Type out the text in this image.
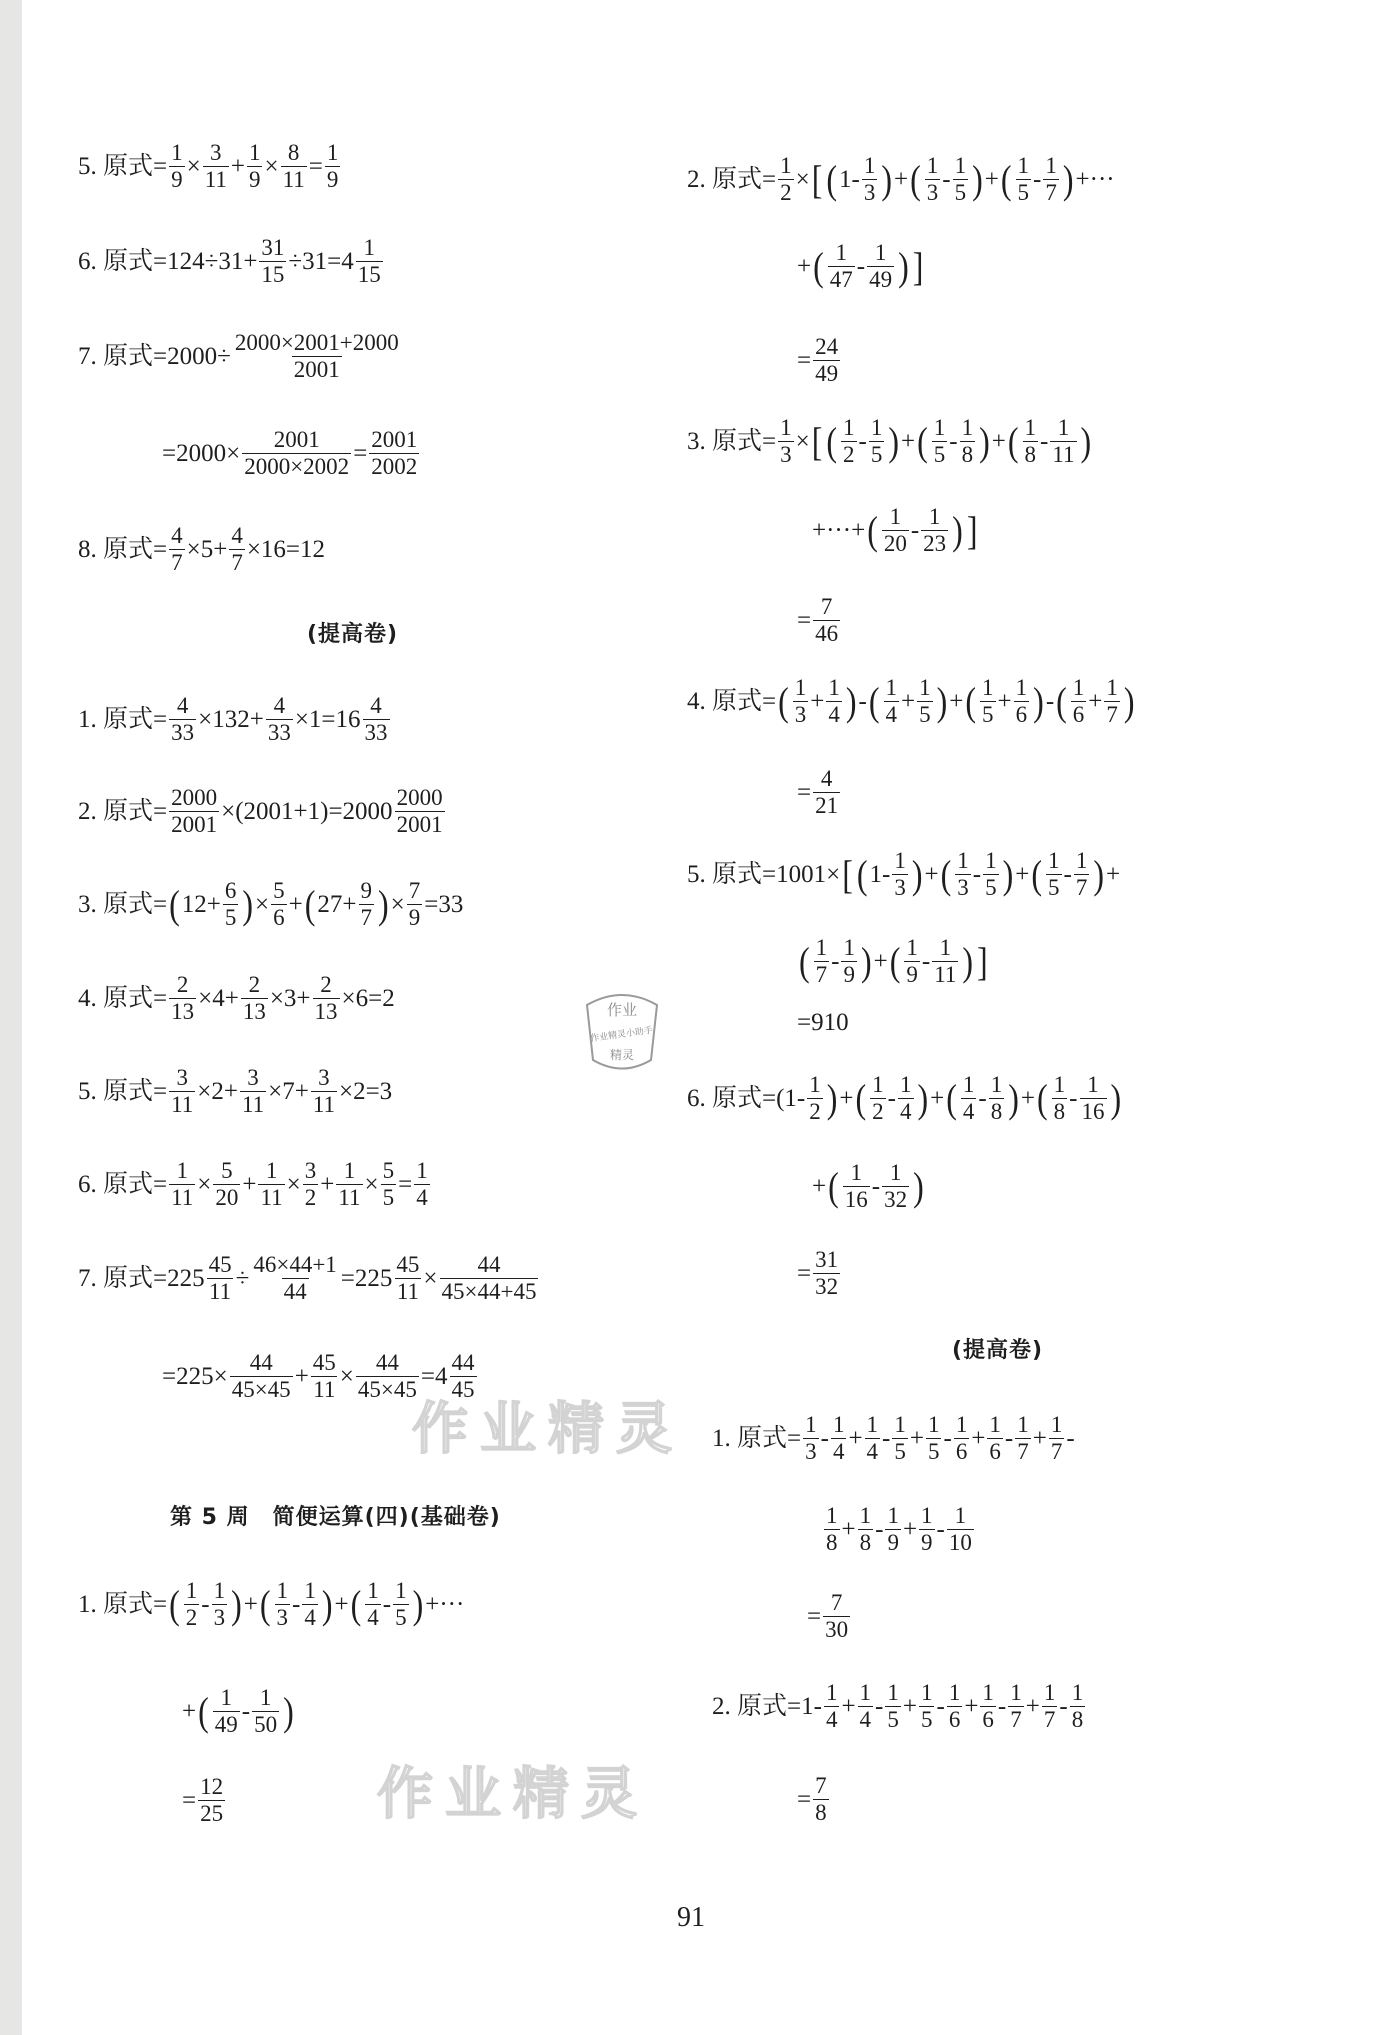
5. 原式= $\frac{1}{9} \times \frac{3}{11} + \frac{1}{9} \times \frac{8}{11} = \frac{1}{9}$
6. 原式$=124\div 31+ \frac{31}{15} \div 31=4 \frac{1}{15}$
7. 原式$=2000\div \frac{2000\times 2001+2000}{2001}$
$=2000\times \frac{2001}{2000\times 2002} = \frac{2001}{2002}$
8. 原式= $\frac{4}{7} \times 5+ \frac{4}{7} \times 16=12$
(提高卷)
1. 原式= $\frac{4}{33} \times 132+ \frac{4}{33} \times 1=16 \frac{4}{33}$
2. 原式= $\frac{2000}{2001} \times(2001+1)=2000 \frac{2000}{2001}$
3. 原式= ( $12+ \frac{6}{5}$ ) × $\frac{5}{6}$ + ( $27+ \frac{9}{7}$ ) × $\frac{7}{9} =33$
4. 原式= $\frac{2}{13} \times 4+ \frac{2}{13} \times 3+ \frac{2}{13} \times 6=2$
5. 原式= $\frac{3}{11} \times 2+ \frac{3}{11} \times 7+ \frac{3}{11} \times 2=3$
6. 原式= $\frac{1}{11} \times \frac{5}{20} + \frac{1}{11} \times \frac{3}{2} + \frac{1}{11} \times \frac{5}{5} = \frac{1}{4}$
7. 原式$=225 \frac{45}{11} \div \frac{46\times 44+1}{44} =225 \frac{45}{11} \times \frac{44}{45\times 44+45}$
$=225\times \frac{44}{45\times 45} + \frac{45}{11} \times \frac{44}{45\times 45} =4 \frac{44}{45}$
第 5 周　简便运算(四)(基础卷)
1. 原式= ( $\frac{1}{2} - \frac{1}{3}$ ) + ( $\frac{1}{3} - \frac{1}{4}$ ) + ( $\frac{1}{4} - \frac{1}{5}$ ) +···
+ ( $\frac{1}{49} - \frac{1}{50}$ )
= $\frac{12}{25}$
2. 原式= $\frac{1}{2}$ × [ ( $1- \frac{1}{3}$ ) + ( $\frac{1}{3} - \frac{1}{5}$ ) + ( $\frac{1}{5} - \frac{1}{7}$ ) +···
+ ( $\frac{1}{47} - \frac{1}{49}$ ) ]
= $\frac{24}{49}$
3. 原式= $\frac{1}{3}$ × [ ( $\frac{1}{2} - \frac{1}{5}$ ) + ( $\frac{1}{5} - \frac{1}{8}$ ) + ( $\frac{1}{8} - \frac{1}{11}$ )
+···+ ( $\frac{1}{20} - \frac{1}{23}$ ) ]
= $\frac{7}{46}$
4. 原式= ( $\frac{1}{3} + \frac{1}{4}$ ) - ( $\frac{1}{4} + \frac{1}{5}$ ) + ( $\frac{1}{5} + \frac{1}{6}$ ) - ( $\frac{1}{6} + \frac{1}{7}$ )
= $\frac{4}{21}$
5. 原式=1001× [ ( $1- \frac{1}{3}$ ) + ( $\frac{1}{3} - \frac{1}{5}$ ) + ( $\frac{1}{5} - \frac{1}{7}$ ) +
( $\frac{1}{7} - \frac{1}{9}$ ) + ( $\frac{1}{9} - \frac{1}{11}$ ) ]
=910
6. 原式$=(1- \frac{1}{2}$ ) + ( $\frac{1}{2} - \frac{1}{4}$ ) + ( $\frac{1}{4} - \frac{1}{8}$ ) + ( $\frac{1}{8} - \frac{1}{16}$ )
+ ( $\frac{1}{16} - \frac{1}{32}$ )
= $\frac{31}{32}$
(提高卷)
1. 原式= $\frac{1}{3} - \frac{1}{4} + \frac{1}{4} - \frac{1}{5} + \frac{1}{5} - \frac{1}{6} + \frac{1}{6} - \frac{1}{7} + \frac{1}{7}$ -
$\frac{1}{8} + \frac{1}{8} - \frac{1}{9} + \frac{1}{9} - \frac{1}{10}$
= $\frac{7}{30}$
2. 原式$=1- \frac{1}{4} + \frac{1}{4} - \frac{1}{5} + \frac{1}{5} - \frac{1}{6} + \frac{1}{6} - \frac{1}{7} + \frac{1}{7} - \frac{1}{8}$
= $\frac{7}{8}$
作业精灵
作业精灵
作业
作业精灵小助手
精灵
91
